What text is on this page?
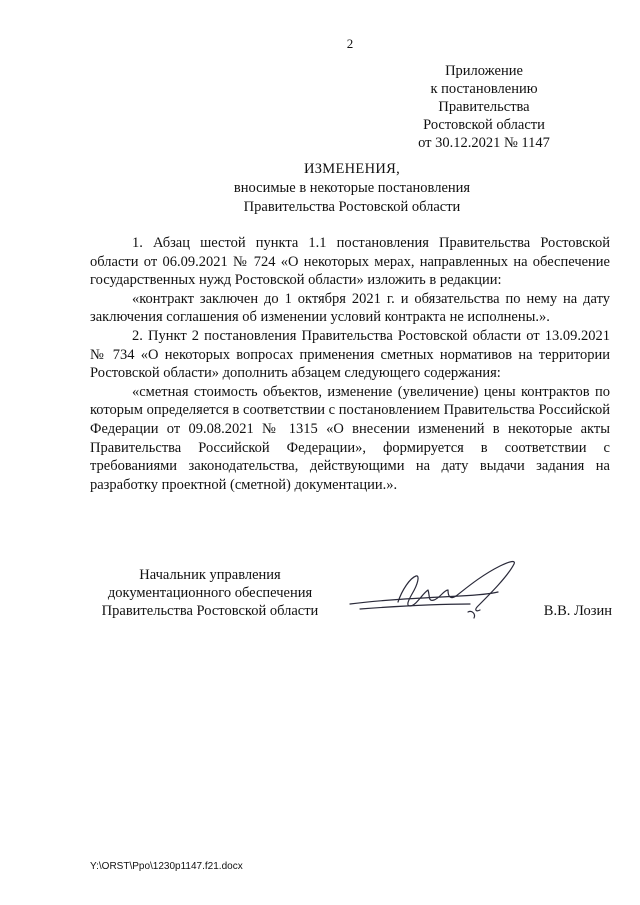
2
Приложение
к постановлению
Правительства
Ростовской области
от 30.12.2021 № 1147
ИЗМЕНЕНИЯ,
вносимые в некоторые постановления
Правительства Ростовской области

1. Абзац шестой пункта 1.1 постановления Правительства Ростовской области от 06.09.2021 № 724 «О некоторых мерах, направленных на обеспечение государственных нужд Ростовской области» изложить в редакции:

«контракт заключен до 1 октября 2021 г. и обязательства по нему на дату заключения соглашения об изменении условий контракта не исполнены.».

2. Пункт 2 постановления Правительства Ростовской области от 13.09.2021 № 734 «О некоторых вопросах применения сметных нормативов на территории Ростовской области» дополнить абзацем следующего содержания:

«сметная стоимость объектов, изменение (увеличение) цены контрактов по которым определяется в соответствии с постановлением Правительства Российской Федерации от 09.08.2021 № 1315 «О внесении изменений в некоторые акты Правительства Российской Федерации», формируется в соответствии с требованиями законодательства, действующими на дату выдачи задания на разработку проектной (сметной) документации.».

Начальник управления
документационного обеспечения
Правительства Ростовской области	В.В. Лозин
Y:\ORST\Ppo\1230p1147.f21.docx
